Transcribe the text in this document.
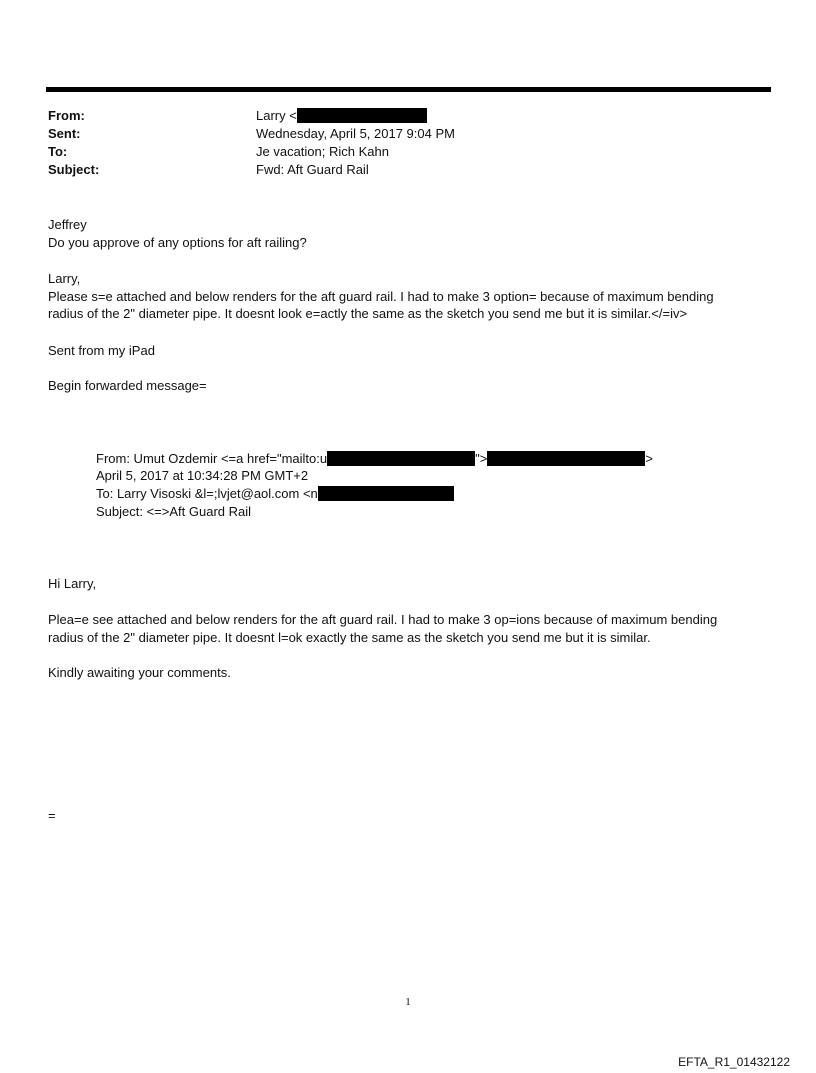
From:	Larry <
Sent:	Wednesday, April 5, 2017 9:04 PM
To:	Je vacation; Rich Kahn
Subject:	Fwd: Aft Guard Rail
Jeffrey
Do you approve of any options for aft railing?
Larry,
Please s=e attached and below renders for the aft guard rail. I had to make 3 option= because of maximum bending
radius of the 2" diameter pipe. It doesnt look e=actly the same as the sketch you send me but it is similar.</=iv>
Sent from my iPad
Begin forwarded message=
From: Umut Ozdemir <=a href="mailto:u	">	>
April 5, 2017 at 10:34:28 PM GMT+2
To: Larry Visoski &l=;lvjet@aol.com <n
Subject: <=>Aft Guard Rail
Hi Larry,
Plea=e see attached and below renders for the aft guard rail. I had to make 3 op=ions because of maximum bending
radius of the 2" diameter pipe. It doesnt l=ok exactly the same as the sketch you send me but it is similar.
Kindly awaiting your comments.
=
1
EFTA_R1_01432122
